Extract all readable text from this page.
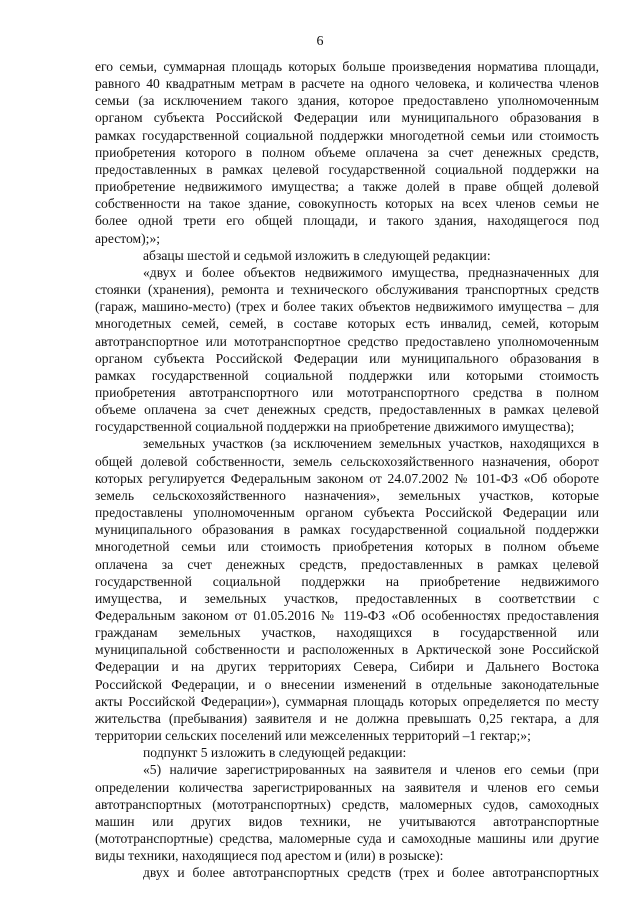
6

его семьи, суммарная площадь которых больше произведения норматива площади,

равного 40 квадратным метрам в расчете на одного человека, и количества членов

семьи (за исключением такого здания, которое предоставлено уполномоченным

органом субъекта Российской Федерации или муниципального образования в

рамках государственной социальной поддержки многодетной семьи или стоимость

приобретения которого в полном объеме оплачена за счет денежных средств,

предоставленных в рамках целевой государственной социальной поддержки на

приобретение недвижимого имущества; а также долей в праве общей долевой

собственности на такое здание, совокупность которых на всех членов семьи не

более одной трети его общей площади, и такого здания, находящегося под

арестом);»;

абзацы шестой и седьмой изложить в следующей редакции:

«двух и более объектов недвижимого имущества, предназначенных для

стоянки (хранения), ремонта и технического обслуживания транспортных средств

(гараж, машино-место) (трех и более таких объектов недвижимого имущества – для

многодетных семей, семей, в составе которых есть инвалид, семей, которым

автотранспортное или мототранспортное средство предоставлено уполномоченным

органом субъекта Российской Федерации или муниципального образования в

рамках государственной социальной поддержки или которыми стоимость

приобретения автотранспортного или мототранспортного средства в полном

объеме оплачена за счет денежных средств, предоставленных в рамках целевой

государственной социальной поддержки на приобретение движимого имущества);

земельных участков (за исключением земельных участков, находящихся в

общей долевой собственности, земель сельскохозяйственного назначения, оборот

которых регулируется Федеральным законом от 24.07.2002 № 101-ФЗ «Об обороте

земель сельскохозяйственного назначения», земельных участков, которые

предоставлены уполномоченным органом субъекта Российской Федерации или

муниципального образования в рамках государственной социальной поддержки

многодетной семьи или стоимость приобретения которых в полном объеме

оплачена за счет денежных средств, предоставленных в рамках целевой

государственной социальной поддержки на приобретение недвижимого

имущества, и земельных участков, предоставленных в соответствии с

Федеральным законом от 01.05.2016 № 119-ФЗ «Об особенностях предоставления

гражданам земельных участков, находящихся в государственной или

муниципальной собственности и расположенных в Арктической зоне Российской

Федерации и на других территориях Севера, Сибири и Дальнего Востока

Российской Федерации, и о внесении изменений в отдельные законодательные

акты Российской Федерации»), суммарная площадь которых определяется по месту

жительства (пребывания) заявителя и не должна превышать 0,25 гектара, а для

территории сельских поселений или межселенных территорий –1 гектар;»;

подпункт 5 изложить в следующей редакции:

«5) наличие зарегистрированных на заявителя и членов его семьи (при

определении количества зарегистрированных на заявителя и членов его семьи

автотранспортных (мототранспортных) средств, маломерных судов, самоходных

машин или других видов техники, не учитываются автотранспортные

(мототранспортные) средства, маломерные суда и самоходные машины или другие

виды техники, находящиеся под арестом и (или) в розыске):

двух и более автотранспортных средств (трех и более автотранспортных
